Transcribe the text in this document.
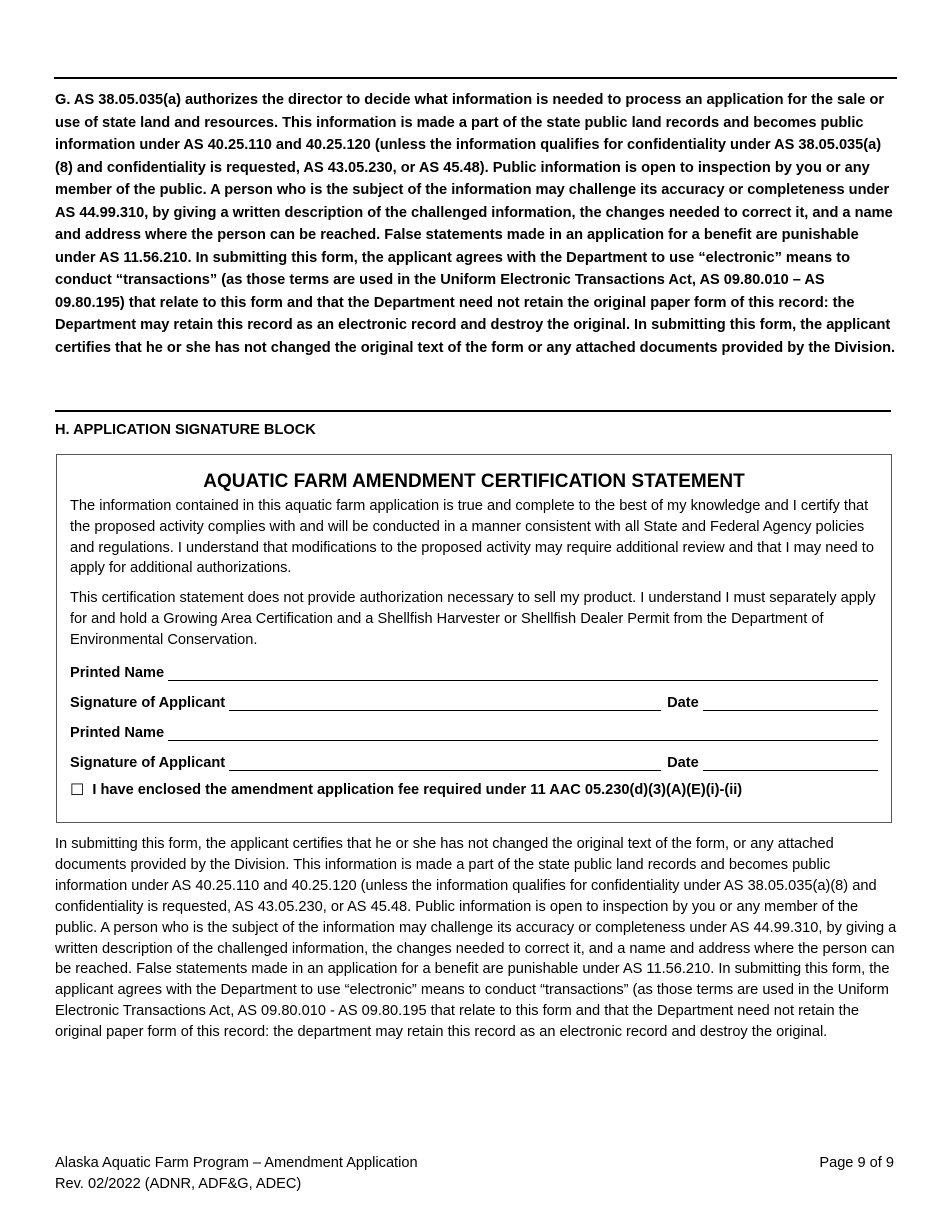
G. AS 38.05.035(a) authorizes the director to decide what information is needed to process an application for the sale or use of state land and resources. This information is made a part of the state public land records and becomes public information under AS 40.25.110 and 40.25.120 (unless the information qualifies for confidentiality under AS 38.05.035(a)(8) and confidentiality is requested, AS 43.05.230, or AS 45.48). Public information is open to inspection by you or any member of the public. A person who is the subject of the information may challenge its accuracy or completeness under AS 44.99.310, by giving a written description of the challenged information, the changes needed to correct it, and a name and address where the person can be reached. False statements made in an application for a benefit are punishable under AS 11.56.210. In submitting this form, the applicant agrees with the Department to use “electronic” means to conduct “transactions” (as those terms are used in the Uniform Electronic Transactions Act, AS 09.80.010 – AS 09.80.195) that relate to this form and that the Department need not retain the original paper form of this record: the Department may retain this record as an electronic record and destroy the original. In submitting this form, the applicant certifies that he or she has not changed the original text of the form or any attached documents provided by the Division.

H. APPLICATION SIGNATURE BLOCK

AQUATIC FARM AMENDMENT CERTIFICATION STATEMENT

The information contained in this aquatic farm application is true and complete to the best of my knowledge and I certify that the proposed activity complies with and will be conducted in a manner consistent with all State and Federal Agency policies and regulations. I understand that modifications to the proposed activity may require additional review and that I may need to apply for additional authorizations.

This certification statement does not provide authorization necessary to sell my product. I understand I must separately apply for and hold a Growing Area Certification and a Shellfish Harvester or Shellfish Dealer Permit from the Department of Environmental Conservation.

Printed Name
Signature of Applicant	Date
Printed Name
Signature of Applicant	Date
☐ I have enclosed the amendment application fee required under 11 AAC 05.230(d)(3)(A)(E)(i)-(ii)

In submitting this form, the applicant certifies that he or she has not changed the original text of the form, or any attached documents provided by the Division. This information is made a part of the state public land records and becomes public information under AS 40.25.110 and 40.25.120 (unless the information qualifies for confidentiality under AS 38.05.035(a)(8) and confidentiality is requested, AS 43.05.230, or AS 45.48. Public information is open to inspection by you or any member of the public. A person who is the subject of the information may challenge its accuracy or completeness under AS 44.99.310, by giving a written description of the challenged information, the changes needed to correct it, and a name and address where the person can be reached. False statements made in an application for a benefit are punishable under AS 11.56.210. In submitting this form, the applicant agrees with the Department to use “electronic” means to conduct “transactions” (as those terms are used in the Uniform Electronic Transactions Act, AS 09.80.010 - AS 09.80.195 that relate to this form and that the Department need not retain the original paper form of this record: the department may retain this record as an electronic record and destroy the original.

Alaska Aquatic Farm Program – Amendment Application
Rev. 02/2022 (ADNR, ADF&G, ADEC)
Page 9 of 9
